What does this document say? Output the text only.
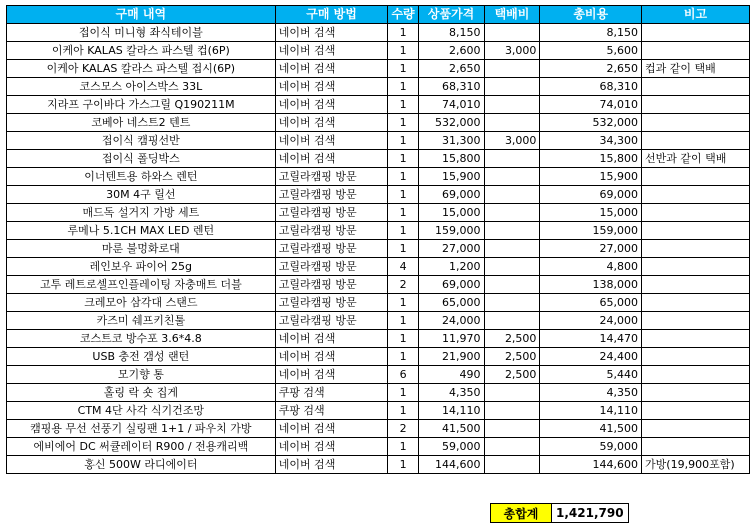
구매 내역	구매 방법	수량	상품가격	택배비	총비용	비고
접이식 미니형 좌식테이블	네이버 검색	1	8,150		8,150	
이케아 KALAS 칼라스 파스텔 컵(6P)	네이버 검색	1	2,600	3,000	5,600	
이케아 KALAS 칼라스 파스텔 접시(6P)	네이버 검색	1	2,650		2,650	컵과 같이 택배
코스모스 아이스박스 33L	네이버 검색	1	68,310		68,310	
지라프 구이바다 가스그릴 Q190211M	네이버 검색	1	74,010		74,010	
코베아 네스트2 텐트	네이버 검색	1	532,000		532,000	
접이식 캠핑선반	네이버 검색	1	31,300	3,000	34,300	
접이식 폴딩박스	네이버 검색	1	15,800		15,800	선반과 같이 택배
이너텐트용 하와스 렌턴	고릴라캠핑 방문	1	15,900		15,900	
30M 4구 릴선	고릴라캠핑 방문	1	69,000		69,000	
매드독 설거지 가방 세트	고릴라캠핑 방문	1	15,000		15,000	
루메나 5.1CH MAX LED 렌턴	고릴라캠핑 방문	1	159,000		159,000	
마룬 불멍화로대	고릴라캠핑 방문	1	27,000		27,000	
레인보우 파이어 25g	고릴라캠핑 방문	4	1,200		4,800	
고투 레트로셀프인플레이팅 자충매트 더블	고릴라캠핑 방문	2	69,000		138,000	
크레모아 삼각대 스탠드	고릴라캠핑 방문	1	65,000		65,000	
카즈미 쉐프키친툴	고릴라캠핑 방문	1	24,000		24,000	
코스트코 방수포 3.6*4.8	네이버 검색	1	11,970	2,500	14,470	
USB 충전 갬성 랜턴	네이버 검색	1	21,900	2,500	24,400	
모기향 통	네이버 검색	6	490	2,500	5,440	
홀링 락 숏 집게	쿠팡 검색	1	4,350		4,350	
CTM 4단 사각 식기건조망	쿠팡 검색	1	14,110		14,110	
캠핑용 무선 선풍기 실링팬 1+1 / 파우치 가방	네이버 검색	2	41,500		41,500	
에비에어 DC 써큘레이터 R900 / 전용캐리백	네이버 검색	1	59,000		59,000	
홍신 500W 라디에이터	네이버 검색	1	144,600		144,600	가방(19,900포함)
총합계	1,421,790
